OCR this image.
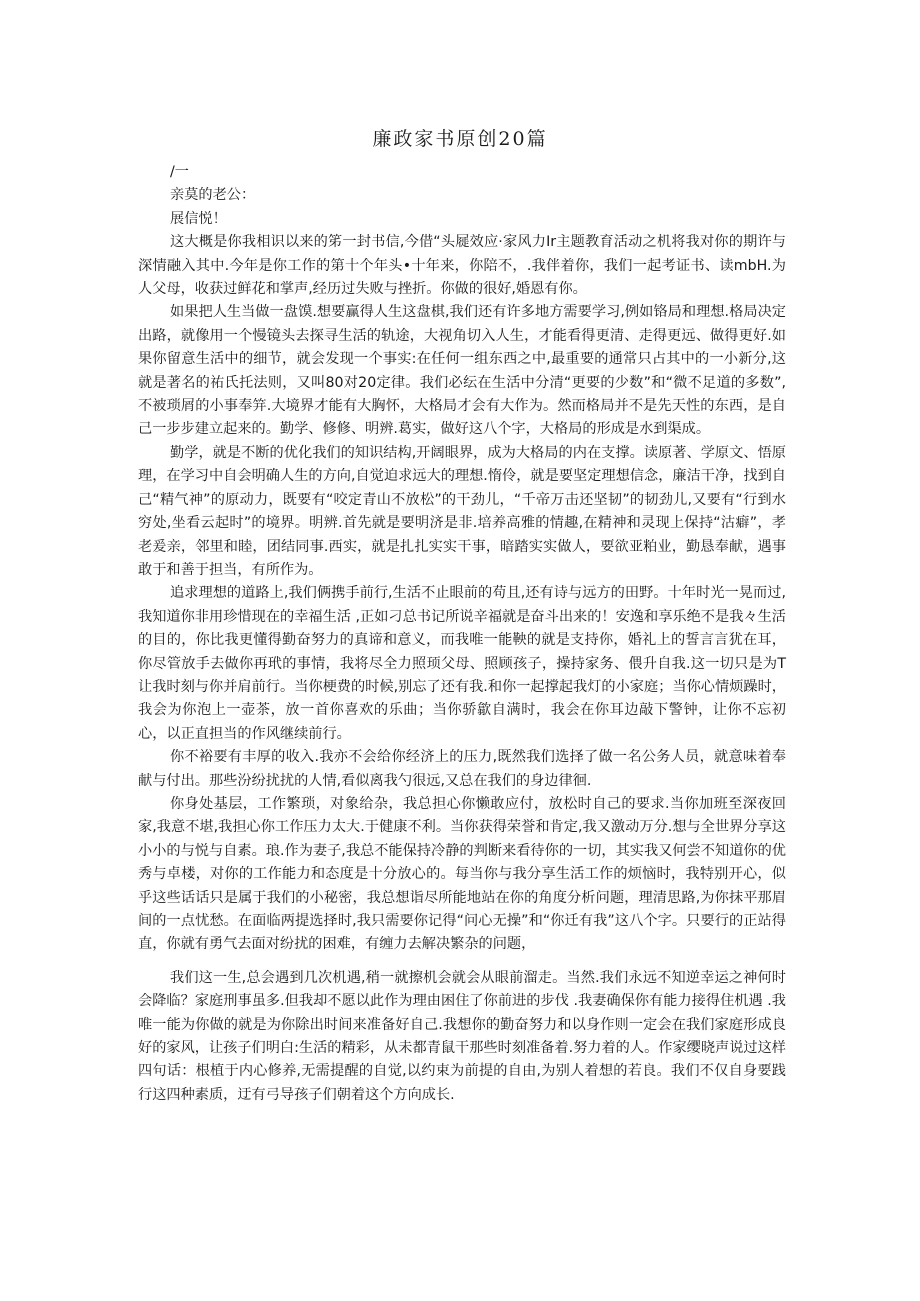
廉政家书原创20篇

/一

亲莫的老公：

展信悦！

这大概是你我相识以来的笫一封书信,今借“头屣效应·家风力Ir主题教育活动之机将我对你的期许与深情融入其中.今年是你工作的第十个年头•十年来，你陪不，.我伴着你，我们一起考证书、读mbH.为人父母，收获过鲜花和掌声,经历过失败与挫折。你做的很好,婚恩有你。

如果把人生当做一盘馍.想要赢得人生这盘棋,我们还有许多地方需要学习,例如铬局和理想.格局决定出路，就像用一个慢镜头去探寻生活的轨途，大视角切入人生，才能看得更清、走得更远、做得更好.如果你留意生活中的细节，就会发现一个事实:在任何一组东西之中,最重要的通常只占其中的一小新分,这就是著名的祐氏托法则，又叫80对20定律。我们必纭在生活中分清“更要的少数”和“微不足道的多数”,不被琐屑的小事奉笄.大境界才能有大胸怀，大格局才会有大作为。然而格局并不是先天性的东西，是自己一步步建立起来的。勤学、修修、明辨.葛实，做好这八个字，大格局的形成是水到渠成。

勤学，就是不断的优化我们的知识结构,开阔眼界，成为大格局的内在支撑。读原著、学原文、悟原理，在学习中自会明确人生的方向,自觉迫求远大的理想.惰伶，就是要坚定理想信念，廉洁干净，找到自己“精气神”的原动力，既要有“咬定青山不放松”的干劲儿，“千帝万击还坚韧”的韧劲儿,又要有“行到水穷处,坐看云起时”的境界。明辨.首先就是要明济是非.培养高雅的情趣,在精神和灵现上保持“沽癖”，孝老爰亲，邻里和睦，团结同事.西实，就是扎扎实实干事，暗踏实实做人，要欲亚粕业，勤恳奉献，遇事敢于和善于担当，有所作为。

追求理想的道路上,我们俩携手前行,生活不止眼前的苟且,还有诗与远方的田野。十年时光一晃而过,我知道你非用珍惜现在的幸福生活 ,正如刁总书记所说辛福就是奋斗出来的！安逸和享乐绝不是我々生活的目的，你比我更懂得勤奋努力的真谛和意义，而我唯一能鞅的就是支持你，婚礼上的誓言言犹在耳，你尽管放手去做你再玳的事情，我将尽全力照顼父母、照顾孩子，操持家务、偎升自我.这一切只是为T让我时刻与你并肩前行。当你梗费的时候,别忘了还有我.和你一起撑起我灯的小家庭；当你心情烦躁时，我会为你泡上一壶茶，放一首你喜欢的乐曲；当你骄歙自满时，我会在你耳边敲下警钟，让你不忘初心，以正直担当的作风继续前行。

你不裕要有丰厚的收入.我亦不会给你经济上的压力,既然我们选择了做一名公务人员，就意味着奉献与付出。那些汾纷扰扰的人情,看似离我勺很远,又总在我们的身边律徊.

你身处基层，工作繁琐，对象给杂，我总担心你懒敢应付，放松时自己的要求.当你加班至深夜回家,我意不堪,我担心你工作压力太大.于健康不利。当你获得荣誉和肯定,我又激动万分.想与全世界分享这小小的与悦与自素。琅.作为妻子,我总不能保持冷静的判断来看待你的一切，其实我又何尝不知道你的优秀与卓楼，对你的工作能力和态度是十分放心的。每当你与我分享生活工作的烦恼时，我特别开心，似乎这些话话只是属于我们的小秘密，我总想诣尽所能地站在你的角度分析问题，理清思路,为你抹平那眉间的一点忧愁。在面临两提选择时,我只需要你记得“问心无操”和“你迁有我”这八个字。只要行的正站得直，你就有勇气去面对纷扰的困难，有缠力去解决繁杂的问题，

我们这一生,总会遇到几次机遇,稍一就擦机会就会从眼前溜走。当然.我们永远不知逆幸运之神何时会降临？家庭刑事虽多.但我却不愿以此作为理由困住了你前进的步伐 .我妻确保你有能力接得住机遇 .我唯一能为你做的就是为你除出时间来准备好自己.我想你的勤奋努力和以身作则一定会在我们家庭形成良好的家风，让孩子们明白:生活的精彩，从未都青鼠干那些时刻准备着.努力着的人。作家缨晓声说过这样四句话：根植于内心修养,无需提醒的自觉,以约束为前提的自由,为别人着想的若良。我们不仅自身要践行这四种素质，迂有弓导孩子们朝着这个方向成长.
